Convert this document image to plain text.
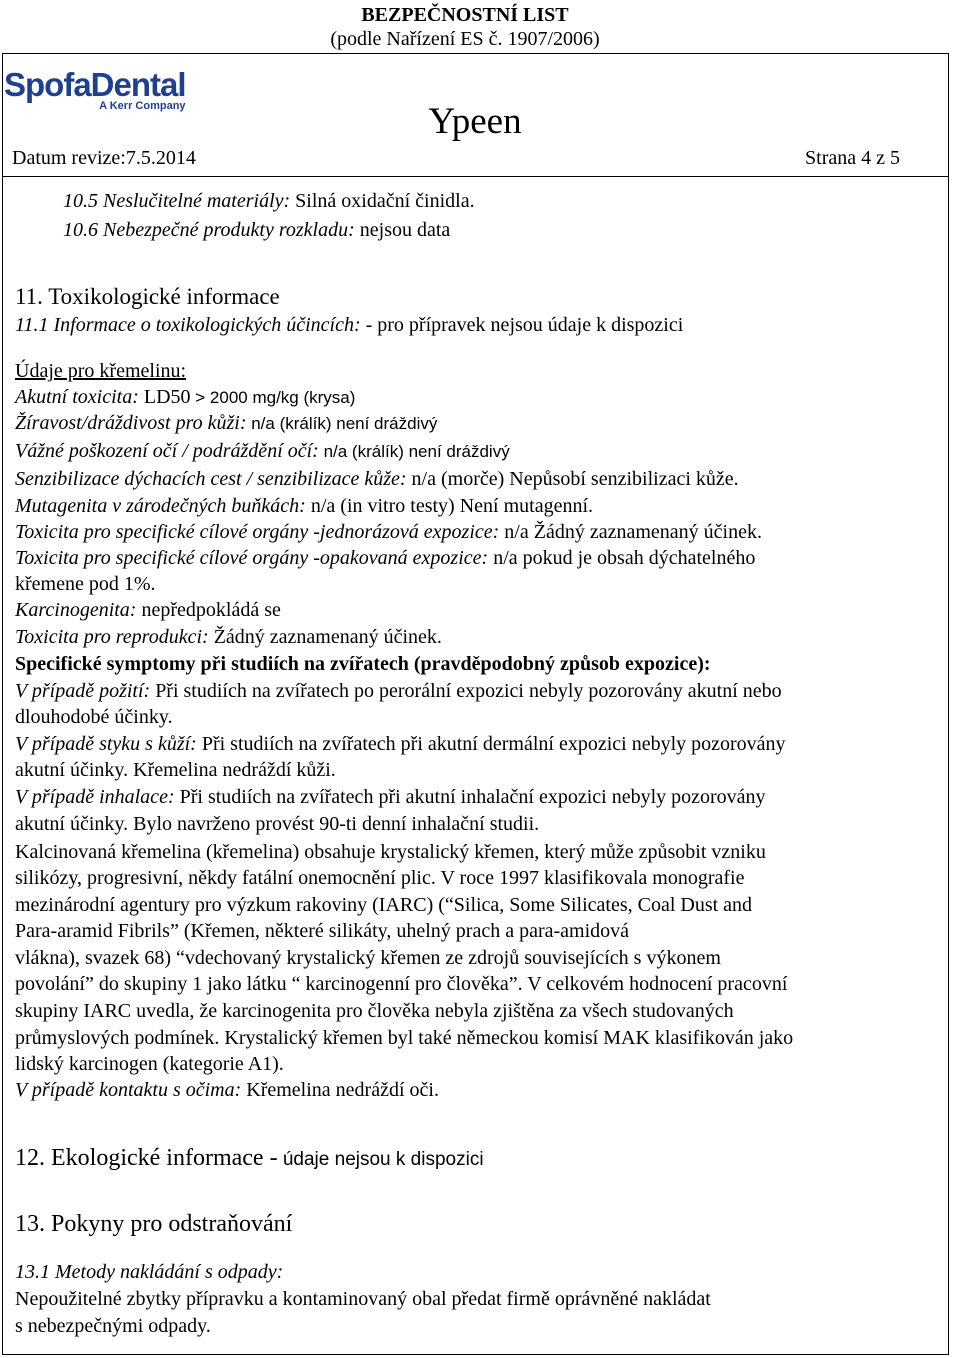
BEZPEČNOSTNÍ LIST
(podle Nařízení ES č. 1907/2006)
SpofaDental
A Kerr Company	Ypeen
Datum revize:7.5.2014	Strana 4 z 5
10.5 Neslučitelné materiály: Silná oxidační činidla.
10.6 Nebezpečné produkty rozkladu: nejsou data
11. Toxikologické informace
11.1 Informace o toxikologických účincích: - pro přípravek nejsou údaje k dispozici
Údaje pro křemelinu:
Akutní toxicita: LD50 > 2000 mg/kg (krysa)
Žíravost/dráždivost pro kůži: n/a (králík) není dráždivý
Vážné poškození očí / podráždění očí: n/a (králík) není dráždivý
Senzibilizace dýchacích cest / senzibilizace kůže: n/a (morče) Nepůsobí senzibilizaci kůže.
Mutagenita v zárodečných buňkách: n/a (in vitro testy) Není mutagenní.
Toxicita pro specifické cílové orgány -jednorázová expozice: n/a Žádný zaznamenaný účinek.
Toxicita pro specifické cílové orgány -opakovaná expozice: n/a pokud je obsah dýchatelného
křemene pod 1%.
Karcinogenita: nepředpokládá se
Toxicita pro reprodukci: Žádný zaznamenaný účinek.
Specifické symptomy při studiích na zvířatech (pravděpodobný způsob expozice):
V případě požití: Při studiích na zvířatech po perorální expozici nebyly pozorovány akutní nebo
dlouhodobé účinky.
V případě styku s kůží: Při studiích na zvířatech při akutní dermální expozici nebyly pozorovány
akutní účinky. Křemelina nedráždí kůži.
V případě inhalace: Při studiích na zvířatech při akutní inhalační expozici nebyly pozorovány
akutní účinky. Bylo navrženo provést 90-ti denní inhalační studii.
Kalcinovaná křemelina (křemelina) obsahuje krystalický křemen, který může způsobit vzniku
silikózy, progresivní, někdy fatální onemocnění plic. V roce 1997 klasifikovala monografie
mezinárodní agentury pro výzkum rakoviny (IARC) (“Silica, Some Silicates, Coal Dust and
Para-aramid Fibrils” (Křemen, některé silikáty, uhelný prach a para-amidová
vlákna), svazek 68) “vdechovaný krystalický křemen ze zdrojů souvisejících s výkonem
povolání” do skupiny 1 jako látku “ karcinogenní pro člověka”. V celkovém hodnocení pracovní
skupiny IARC uvedla, že karcinogenita pro člověka nebyla zjištěna za všech studovaných
průmyslových podmínek. Krystalický křemen byl také německou komisí MAK klasifikován jako
lidský karcinogen (kategorie A1).
V případě kontaktu s očima: Křemelina nedráždí oči.
12. Ekologické informace - údaje nejsou k dispozici
13. Pokyny pro odstraňování
13.1 Metody nakládání s odpady:
Nepoužitelné zbytky přípravku a kontaminovaný obal předat firmě oprávněné nakládat
s nebezpečnými odpady.
